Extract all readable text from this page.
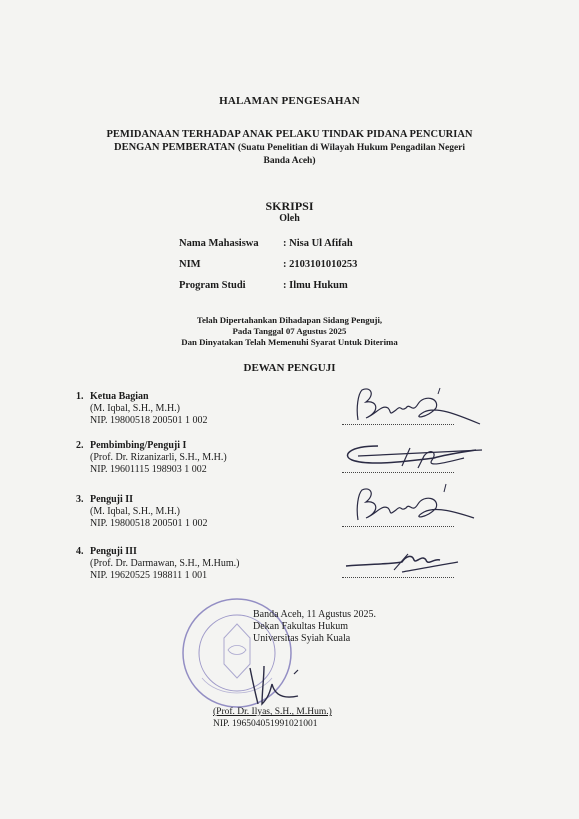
HALAMAN PENGESAHAN
PEMIDANAAN TERHADAP ANAK PELAKU TINDAK PIDANA PENCURIAN
DENGAN PEMBERATAN (Suatu Penelitian di Wilayah Hukum Pengadilan Negeri
Banda Aceh)
SKRIPSI
Oleh
Nama Mahasiswa : Nisa Ul Afifah
NIM	: 2103101010253
Program Studi	: Ilmu Hukum
Telah Dipertahankan Dihadapan Sidang Penguji,
Pada Tanggal 07 Agustus 2025
Dan Dinyatakan Telah Memenuhi Syarat Untuk Diterima
DEWAN PENGUJI
1. Ketua Bagian
(M. Iqbal, S.H., M.H.)
NIP. 19800518 200501 1 002
2. Pembimbing/Penguji I
(Prof. Dr. Rizanizarli, S.H., M.H.)
NIP. 19601115 198903 1 002
3. Penguji II
(M. Iqbal, S.H., M.H.)
NIP. 19800518 200501 1 002
4. Penguji III
(Prof. Dr. Darmawan, S.H., M.Hum.)
NIP. 19620525 198811 1 001
Banda Aceh, 11 Agustus 2025.
Dekan Fakultas Hukum
Universitas Syiah Kuala
(Prof. Dr. Ilyas, S.H., M.Hum.)
NIP. 196504051991021001
